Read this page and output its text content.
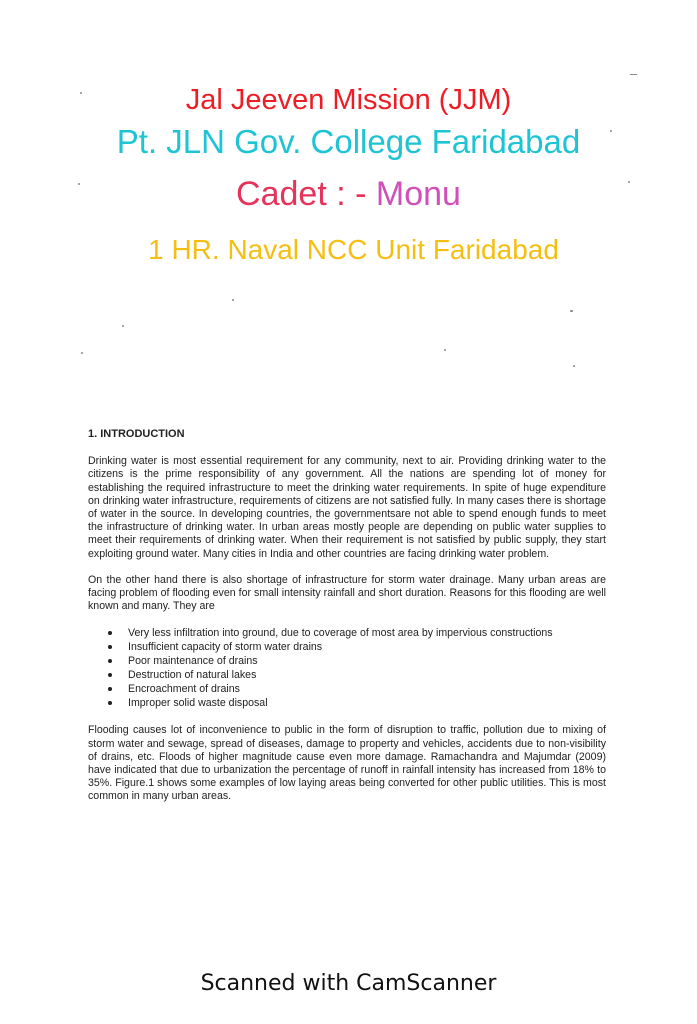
Jal Jeeven Mission (JJM)
Pt. JLN Gov. College Faridabad
Cadet : - Monu
1 HR. Naval NCC Unit Faridabad
1. INTRODUCTION

Drinking water is most essential requirement for any community, next to air. Providing drinking water to the citizens is the prime responsibility of any government. All the nations are spending lot of money for establishing the required infrastructure to meet the drinking water requirements. In spite of huge expenditure on drinking water infrastructure, requirements of citizens are not satisfied fully. In many cases there is shortage of water in the source. In developing countries, the governmentsare not able to spend enough funds to meet the infrastructure of drinking water. In urban areas mostly people are depending on public water supplies to meet their requirements of drinking water. When their requirement is not satisfied by public supply, they start exploiting ground water. Many cities in India and other countries are facing drinking water problem.

On the other hand there is also shortage of infrastructure for storm water drainage. Many urban areas are facing problem of flooding even for small intensity rainfall and short duration. Reasons for this flooding are well known and many. They are

Very less infiltration into ground, due to coverage of most area by impervious constructions
Insufficient capacity of storm water drains
Poor maintenance of drains
Destruction of natural lakes
Encroachment of drains
Improper solid waste disposal

Flooding causes lot of inconvenience to public in the form of disruption to traffic, pollution due to mixing of storm water and sewage, spread of diseases, damage to property and vehicles, accidents due to non-visibility of drains, etc. Floods of higher magnitude cause even more damage. Ramachandra and Majumdar (2009) have indicated that due to urbanization the percentage of runoff in rainfall intensity has increased from 18% to 35%. Figure.1 shows some examples of low laying areas being converted for other public utilities. This is most common in many urban areas.

Scanned with CamScanner
